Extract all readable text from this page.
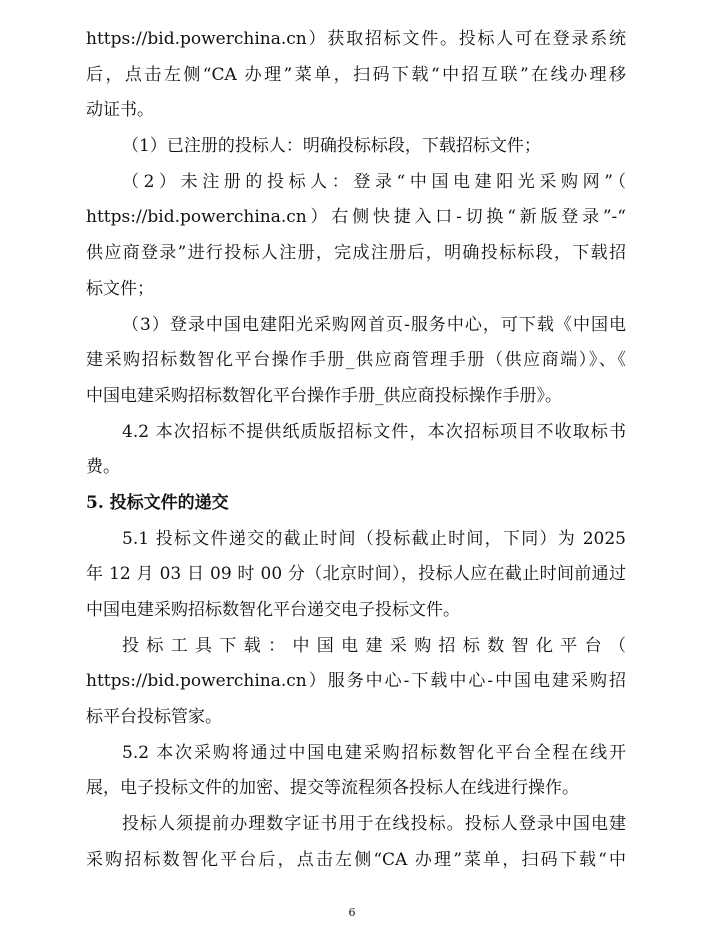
https://bid.powerchina.cn）获取招标文件。投标人可在登录系统
后，点击左侧“CA 办理”菜单，扫码下载“中招互联”在线办理移
动证书。
（1）已注册的投标人：明确投标标段，下载招标文件；
（2）未注册的投标人：登录“中国电建阳光采购网”（
https://bid.powerchina.cn）右侧快捷入口-切换“新版登录”-“
供应商登录”进行投标人注册，完成注册后，明确投标标段，下载招
标文件；
（3）登录中国电建阳光采购网首页-服务中心，可下载《中国电
建采购招标数智化平台操作手册_供应商管理手册（供应商端）》、《
中国电建采购招标数智化平台操作手册_供应商投标操作手册》。
4.2 本次招标不提供纸质版招标文件，本次招标项目不收取标书
费。
5. 投标文件的递交
5.1 投标文件递交的截止时间（投标截止时间，下同）为 2025
年 12 月 03 日 09 时 00 分（北京时间），投标人应在截止时间前通过
中国电建采购招标数智化平台递交电子投标文件。
投标工具下载：中国电建采购招标数智化平台（
https://bid.powerchina.cn）服务中心-下载中心-中国电建采购招
标平台投标管家。
5.2 本次采购将通过中国电建采购招标数智化平台全程在线开
展，电子投标文件的加密、提交等流程须各投标人在线进行操作。
投标人须提前办理数字证书用于在线投标。投标人登录中国电建
采购招标数智化平台后，点击左侧“CA 办理”菜单，扫码下载“中
6
